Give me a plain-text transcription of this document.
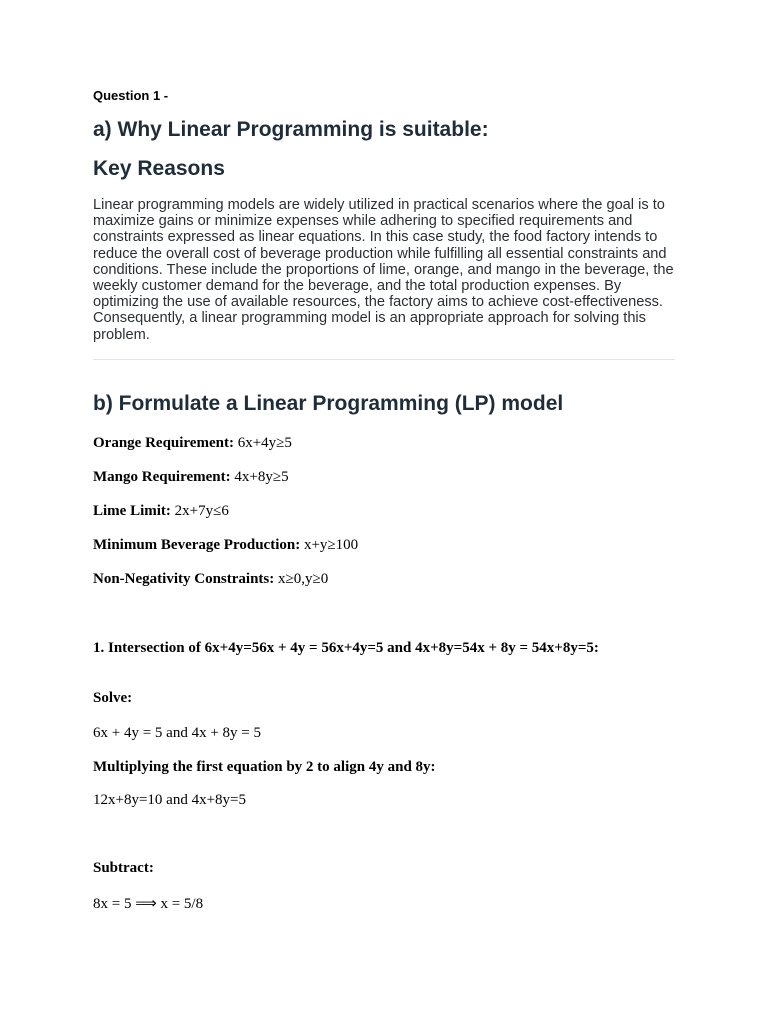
Question 1 -
a) Why Linear Programming is suitable:
Key Reasons

Linear programming models are widely utilized in practical scenarios where the goal is to maximize gains or minimize expenses while adhering to specified requirements and constraints expressed as linear equations. In this case study, the food factory intends to reduce the overall cost of beverage production while fulfilling all essential constraints and conditions. These include the proportions of lime, orange, and mango in the beverage, the weekly customer demand for the beverage, and the total production expenses. By optimizing the use of available resources, the factory aims to achieve cost-effectiveness. Consequently, a linear programming model is an appropriate approach for solving this problem.

b) Formulate a Linear Programming (LP) model
Orange Requirement: 6x+4y≥5
Mango Requirement: 4x+8y≥5
Lime Limit: 2x+7y≤6
Minimum Beverage Production: x+y≥100
Non-Negativity Constraints: x≥0,y≥0
1. Intersection of 6x+4y=56x + 4y = 56x+4y=5 and 4x+8y=54x + 8y = 54x+8y=5:
Solve:
6x + 4y = 5 and 4x + 8y = 5
Multiplying the first equation by 2 to align 4y and 8y:
12x+8y=10 and 4x+8y=5
Subtract:
8x = 5 ⟹ x = 5/8
